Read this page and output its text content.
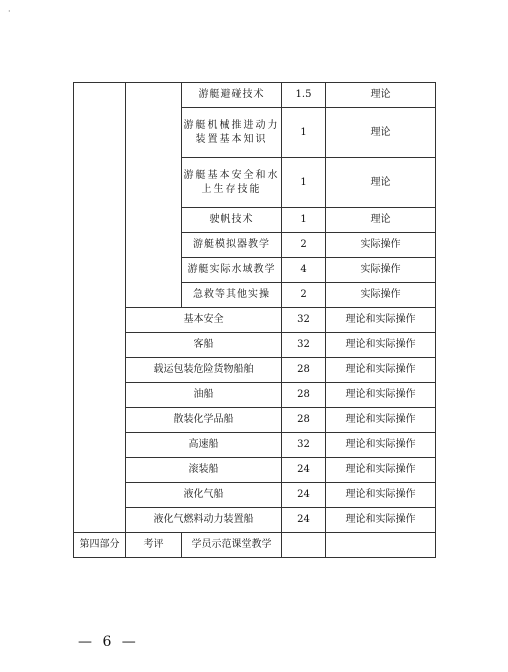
·
		游艇避碰技术	1.5	理论
		游艇机械推进动力装置基本知识	1	理论
		游艇基本安全和水上生存技能	1	理论
		驶帆技术	1	理论
		游艇模拟器教学	2	实际操作
		游艇实际水域教学	4	实际操作
		急救等其他实操	2	实际操作
	基本安全		32	理论和实际操作
	客船		32	理论和实际操作
	载运包装危险货物船舶		28	理论和实际操作
	油船		28	理论和实际操作
	散装化学品船		28	理论和实际操作
	高速船		32	理论和实际操作
	滚装船		24	理论和实际操作
	液化气船		24	理论和实际操作
	液化气燃料动力装置船		24	理论和实际操作
第四部分	考评	学员示范课堂教学		
— 6 —
